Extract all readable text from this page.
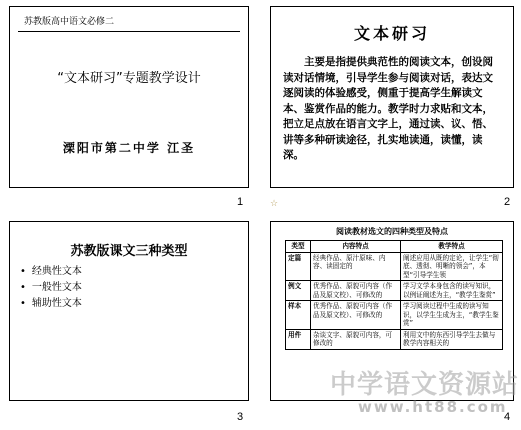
苏教版高中语文必修二
“文本研习”专题教学设计
溧阳市第二中学 江圣
1
文本研习
主要是指提供典范性的阅读文本，创设阅读对话情境，引导学生参与阅读对话，表达文逐阅读的体验感受，侧重于提高学生解读文本、鉴赏作品的能力。教学时力求贴和文本，把立足点放在语言文字上，通过读、议、悟、讲等多种研读途径，扎实地读通，读懂，读深。
2
☆
苏教版课文三种类型
• 经典性文本
• 一般性文本
• 辅助性文本
3
阅读教材选文的四种类型及特点
类型	内容特点	教学特点
定篇	经典作品、原汁原味、内容、读固定的	阐述应用从既的定论，让学生“彻底、透彻、明晰的领会”，本型“引导学生领
例文	优秀作品、原貌可内容（作品及原文校）、可修改的	学习文学本身包含的读写知识，以例证阐述为主，“教学生鉴赏”
样本	优秀作品、原貌可内容（作品及原文校）、可修改的	学习阅读过程中生成的读写知识，以学生生成为主，“教学生鉴赏”
用件	杂谈文字、原貌可内容，可修改的	利用文中的东西引导学生去做与教学内容相关的
4
中学语文资源站
www.ht88.com
